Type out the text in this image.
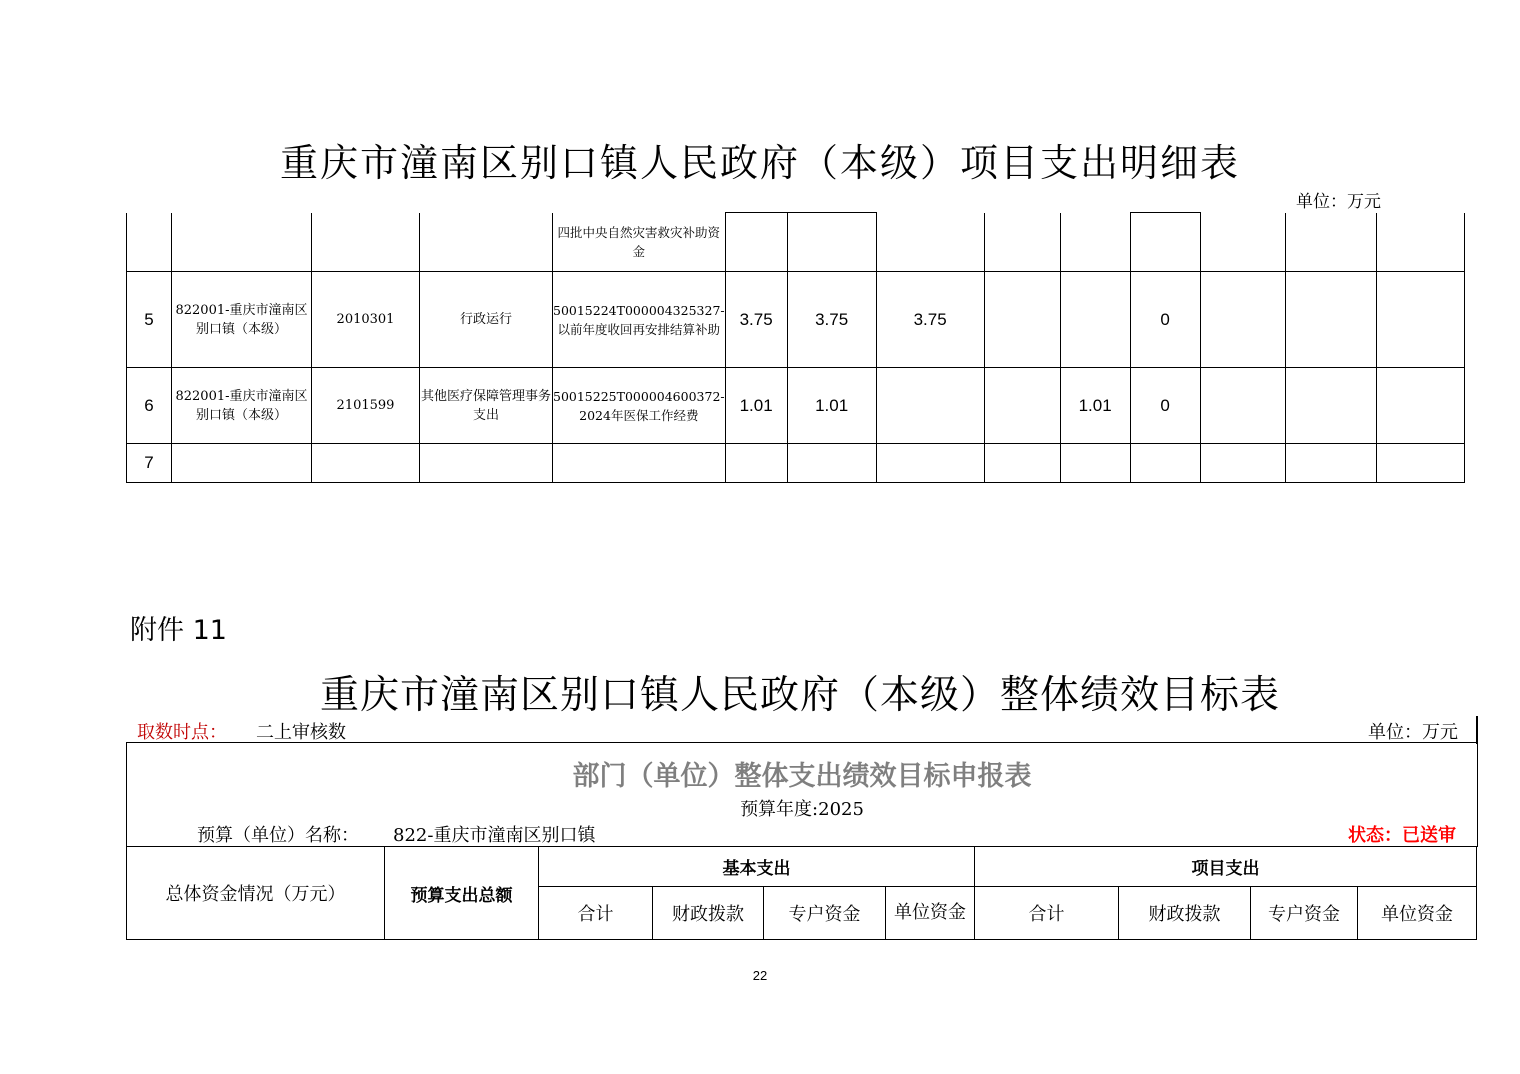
重庆市潼南区别口镇人民政府（本级）项目支出明细表
单位：万元
				四批中央自然灾害救灾补助资金									
5	822001-重庆市潼南区别口镇（本级）	2010301	行政运行	50015224T000004325327-以前年度收回再安排结算补助	3.75	3.75	3.75			0			
6	822001-重庆市潼南区别口镇（本级）	2101599	其他医疗保障管理事务支出	50015225T000004600372-2024年医保工作经费	1.01	1.01			1.01	0			
7													
附件 11
重庆市潼南区别口镇人民政府（本级）整体绩效目标表
取数时点： 二上审核数	单位：万元
部门（单位）整体支出绩效目标申报表
预算年度:2025
预算（单位）名称： 822-重庆市潼南区别口镇	状态：已送审
总体资金情况（万元）	预算支出总额	基本支出				项目支出			
		合计	财政拨款	专户资金	单位资金	合计	财政拨款	专户资金	单位资金
22
